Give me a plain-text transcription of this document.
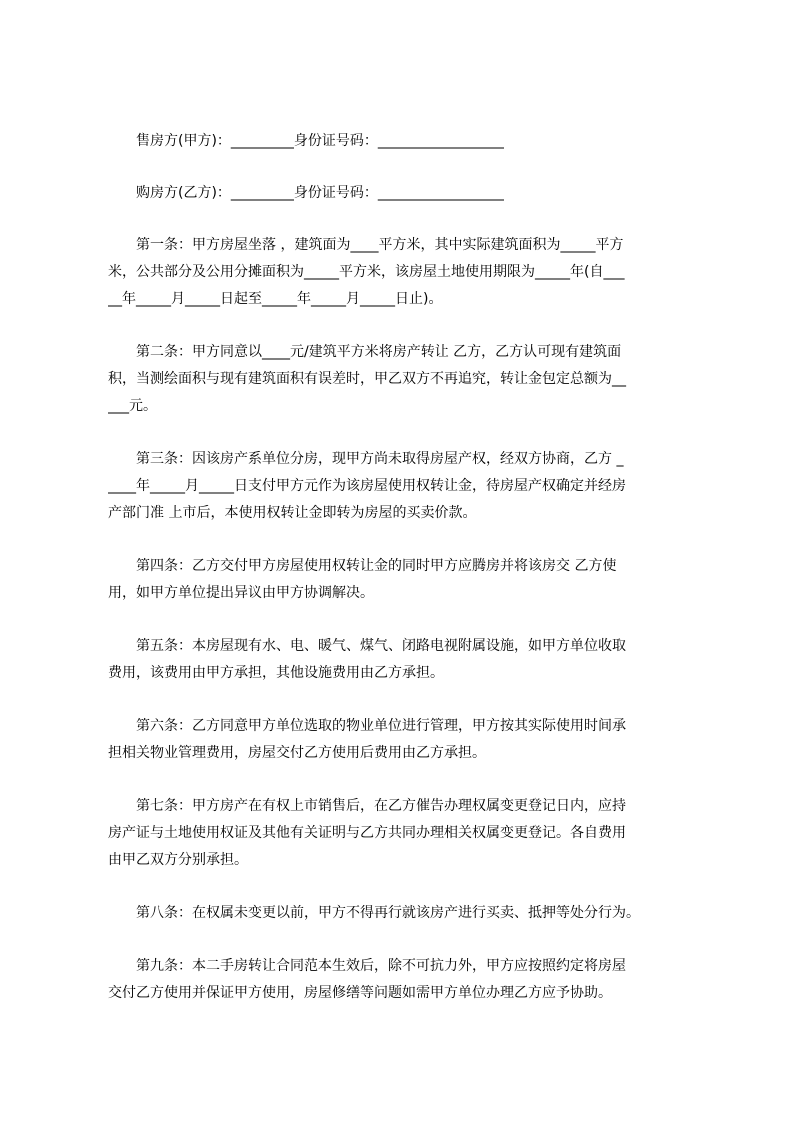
售房方(甲方)：_________身份证号码：__________________
购房方(乙方)：_________身份证号码：__________________
第一条：甲方房屋坐落 ，建筑面为____平方米，其中实际建筑面积为_____平方
米，公共部分及公用分摊面积为_____平方米，该房屋土地使用期限为_____年(自___
__年_____月_____日起至_____年_____月_____日止)。
第二条：甲方同意以____元/建筑平方米将房产转让 乙方，乙方认可现有建筑面
积，当测绘面积与现有建筑面积有误差时，甲乙双方不再追究，转让金包定总额为__
___元。
第三条：因该房产系单位分房，现甲方尚未取得房屋产权，经双方协商，乙方 _
____年_____月_____日支付甲方元作为该房屋使用权转让金，待房屋产权确定并经房
产部门准 上市后，本使用权转让金即转为房屋的买卖价款。
第四条：乙方交付甲方房屋使用权转让金的同时甲方应腾房并将该房交 乙方使
用，如甲方单位提出异议由甲方协调解决。
第五条：本房屋现有水、电、暖气、煤气、闭路电视附属设施，如甲方单位收取
费用，该费用由甲方承担，其他设施费用由乙方承担。
第六条：乙方同意甲方单位选取的物业单位进行管理，甲方按其实际使用时间承
担相关物业管理费用，房屋交付乙方使用后费用由乙方承担。
第七条：甲方房产在有权上市销售后，在乙方催告办理权属变更登记日内，应持
房产证与土地使用权证及其他有关证明与乙方共同办理相关权属变更登记。各自费用
由甲乙双方分别承担。
第八条：在权属未变更以前，甲方不得再行就该房产进行买卖、抵押等处分行为。
第九条：本二手房转让合同范本生效后，除不可抗力外，甲方应按照约定将房屋
交付乙方使用并保证甲方使用，房屋修缮等问题如需甲方单位办理乙方应予协助。
